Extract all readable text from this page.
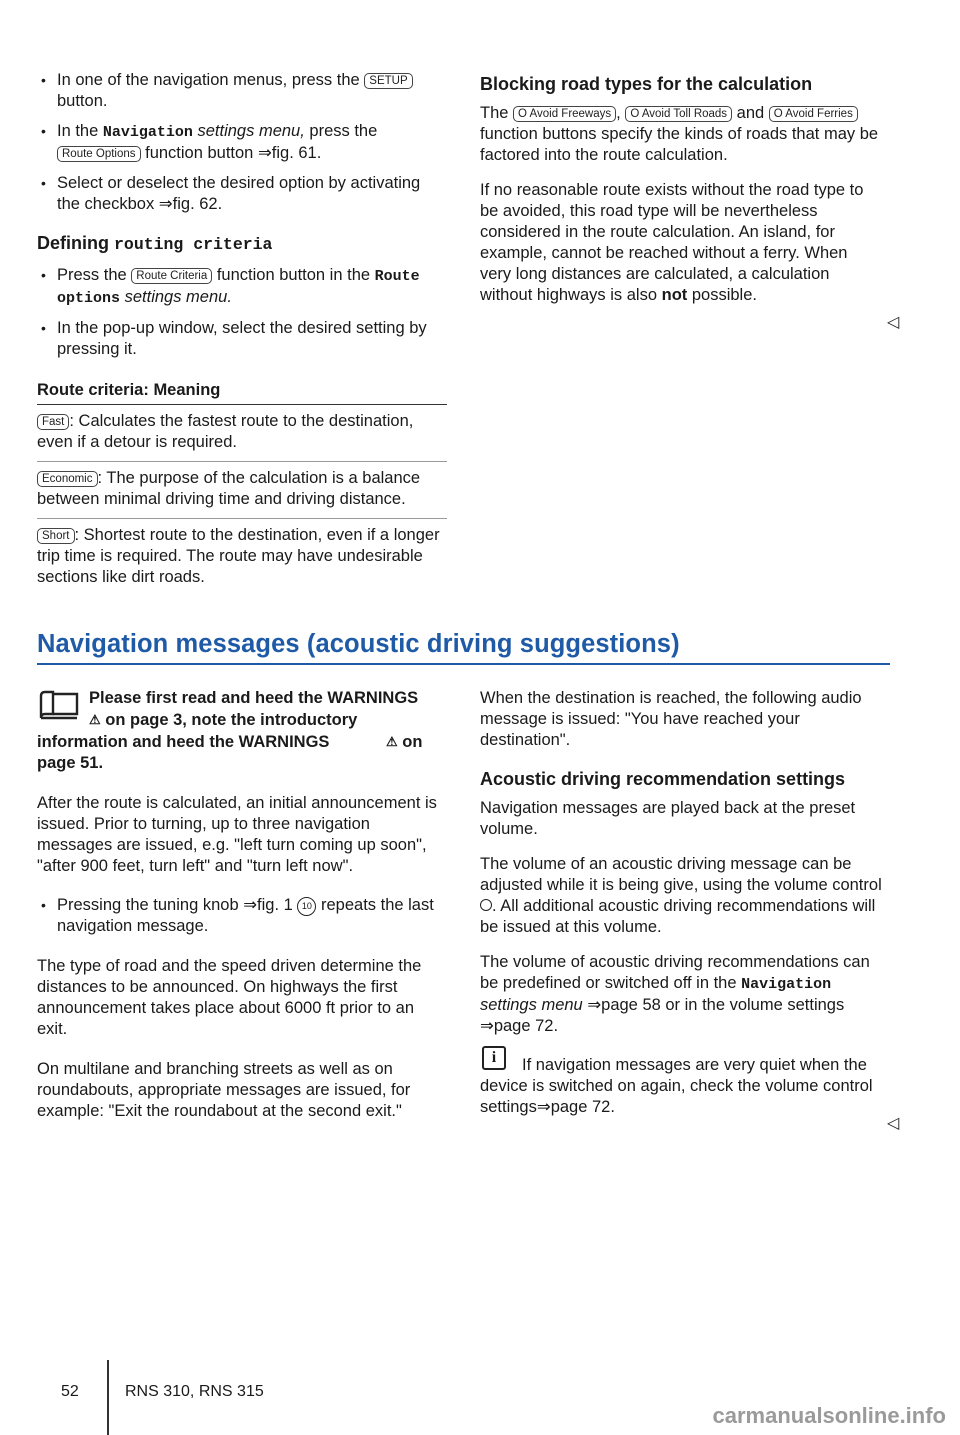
• In one of the navigation menus, press the SETUP button.

• In the Navigation settings menu, press the Route Options function button ⇒fig. 61.

• Select or deselect the desired option by activating the checkbox ⇒fig. 62.

Defining routing criteria

• Press the Route Criteria function button in the Route options settings menu.

• In the pop-up window, select the desired setting by pressing it.

Route criteria: Meaning
Fast : Calculates the fastest route to the destination, even if a detour is required.
Economic : The purpose of the calculation is a balance between minimal driving time and driving distance.
Short : Shortest route to the destination, even if a longer trip time is required. The route may have undesirable sections like dirt roads.
Blocking road types for the calculation

The O Avoid Freeways , O Avoid Toll Roads and O Avoid Ferries function buttons specify the kinds of roads that may be factored into the route calculation.

If no reasonable route exists without the road type to be avoided, this road type will be nevertheless considered in the route calculation. An island, for example, cannot be reached without a ferry. When very long distances are calculated, a calculation without highways is also not possible.

◁
Navigation messages (acoustic driving suggestions)

Please first read and heed the WARNINGS ⚠ on page 3, note the introductory information and heed the WARNINGS	⚠ on page 51.

After the route is calculated, an initial announcement is issued. Prior to turning, up to three navigation messages are issued, e.g. "left turn coming up soon", "after 900 feet, turn left" and "turn left now".

• Pressing the tuning knob ⇒fig. 1 10 repeats the last navigation message.

The type of road and the speed driven determine the distances to be announced. On highways the first announcement takes place about 6000 ft prior to an exit.

On multilane and branching streets as well as on roundabouts, appropriate messages are issued, for example: "Exit the roundabout at the second exit."

When the destination is reached, the following audio message is issued: "You have reached your destination".

Acoustic driving recommendation settings

Navigation messages are played back at the preset volume.

The volume of an acoustic driving message can be adjusted while it is being give, using the volume control . All additional acoustic driving recommendations will be issued at this volume.

The volume of acoustic driving recommendations can be predefined or switched off in the Navigation settings menu ⇒page 58 or in the volume settings ⇒page 72.

If navigation messages are very quiet when the device is switched on again, check the volume control settings⇒page 72.

i
◁
52	RNS 310, RNS 315
carmanualsonline.info
